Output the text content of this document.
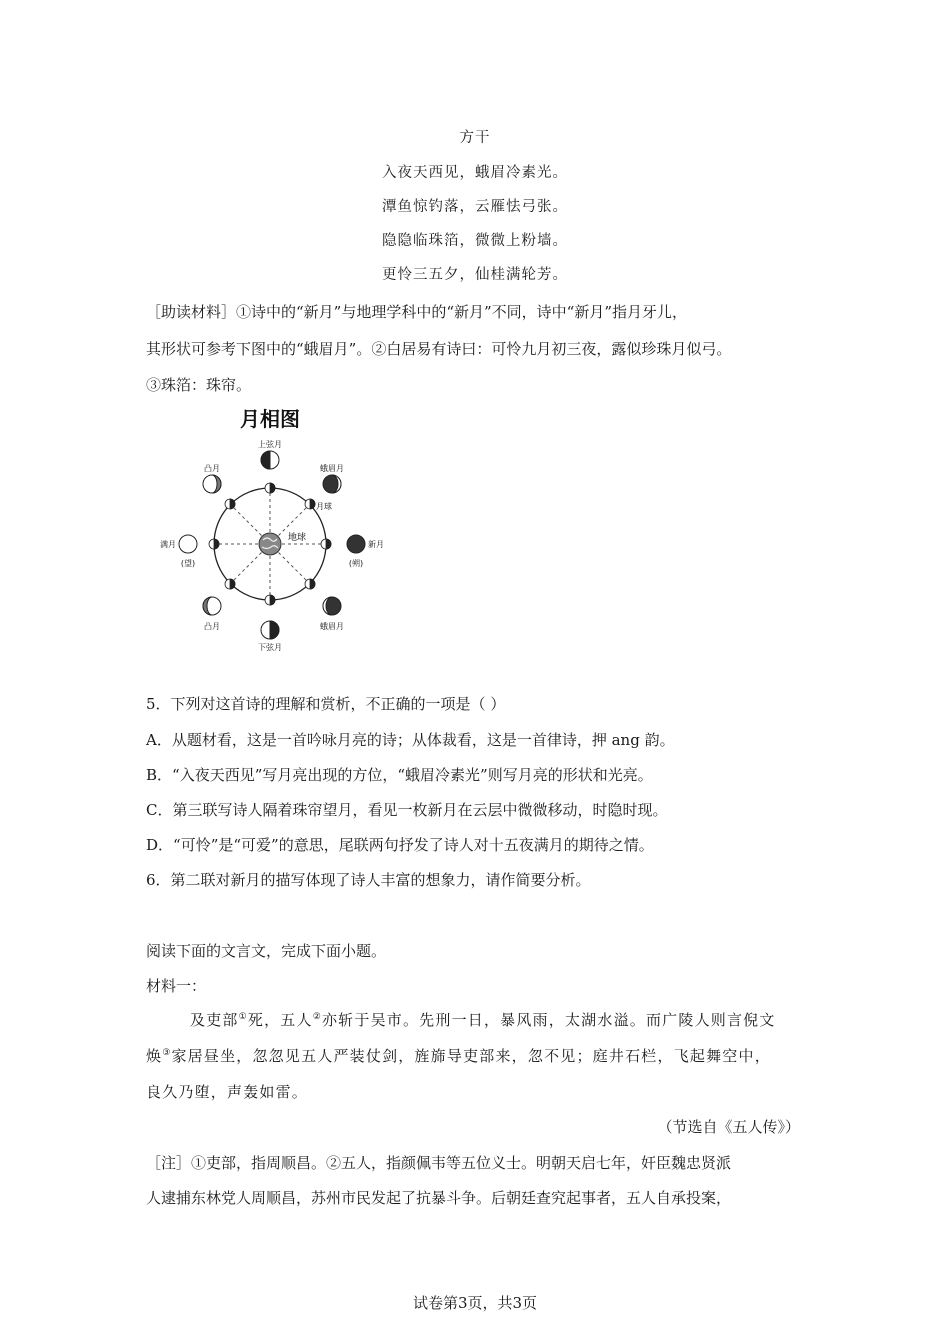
方干
入夜天西见，蛾眉冷素光。
潭鱼惊钓落，云雁怯弓张。
隐隐临珠箔，微微上粉墙。
更怜三五夕，仙桂满轮芳。
［助读材料］①诗中的“新月”与地理学科中的“新月”不同，诗中“新月”指月牙儿，
其形状可参考下图中的“蛾眉月”。②白居易有诗曰：可怜九月初三夜，露似珍珠月似弓。
③珠箔：珠帘。
月相图
地球
月球
上弦月
下弦月
凸月
凸月
蛾眉月
蛾眉月
满月
(望)
新月
(朔)
5．下列对这首诗的理解和赏析，不正确的一项是（ ）
A．从题材看，这是一首吟咏月亮的诗；从体裁看，这是一首律诗，押 ang 韵。
B．“入夜天西见”写月亮出现的方位，“蛾眉冷素光”则写月亮的形状和光亮。
C．第三联写诗人隔着珠帘望月，看见一枚新月在云层中微微移动，时隐时现。
D．“可怜”是“可爱”的意思，尾联两句抒发了诗人对十五夜满月的期待之情。
6．第二联对新月的描写体现了诗人丰富的想象力，请作简要分析。
阅读下面的文言文，完成下面小题。
材料一：
及吏部①死，五人②亦斩于吴市。先刑一日，暴风雨，太湖水溢。而广陵人则言倪文
焕③家居昼坐，忽忽见五人严装仗剑，旌旆导吏部来，忽不见；庭井石栏，飞起舞空中，
良久乃堕，声轰如雷。
（节选自《五人传》）
［注］①吏部，指周顺昌。②五人，指颜佩韦等五位义士。明朝天启七年，奸臣魏忠贤派
人逮捕东林党人周顺昌，苏州市民发起了抗暴斗争。后朝廷查究起事者，五人自承投案，
试卷第3页，共3页
